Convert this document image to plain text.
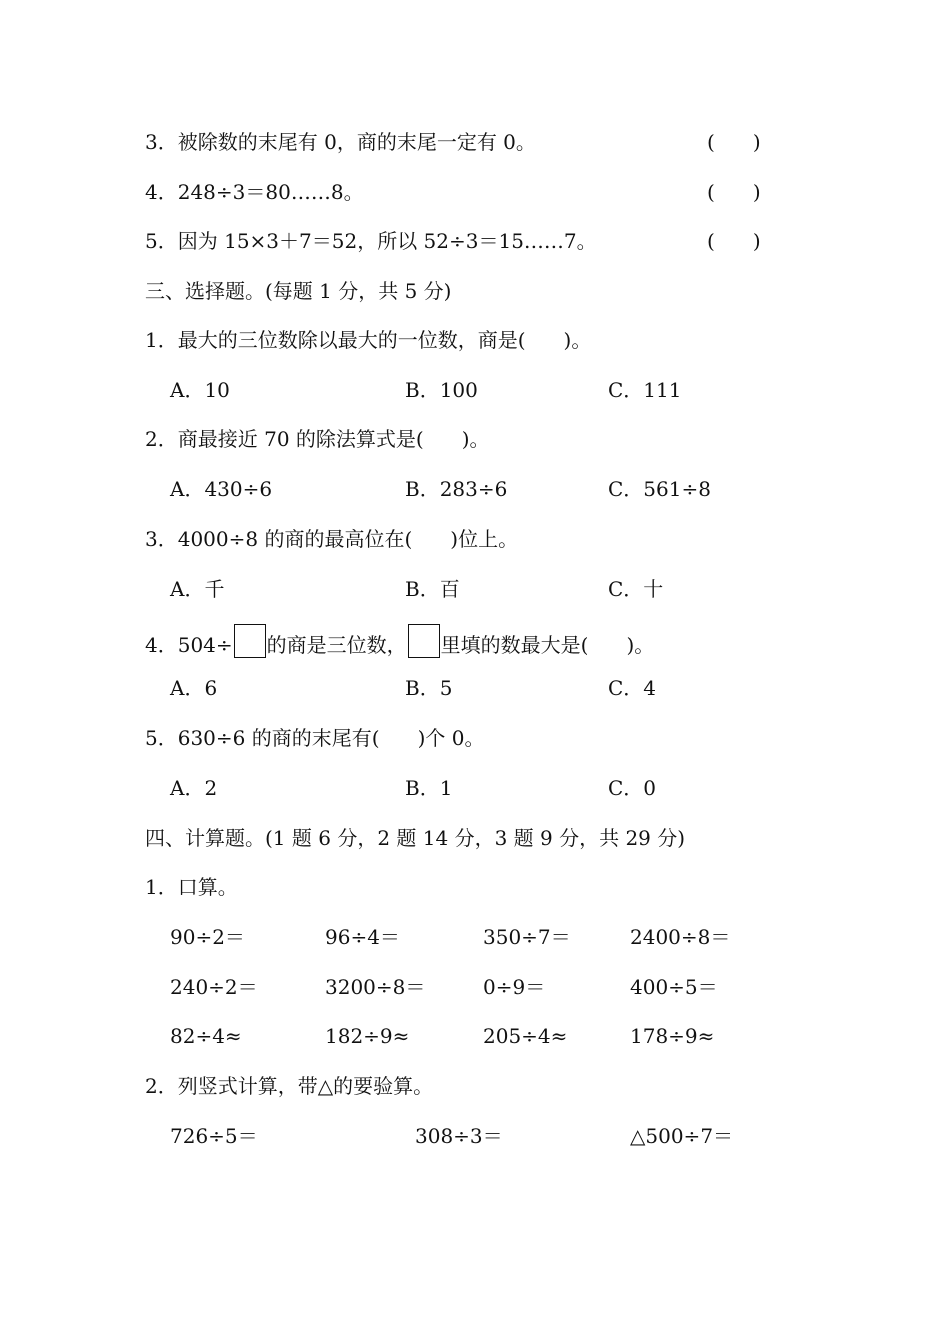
3．被除数的末尾有 0，商的末尾一定有 0。	( )
4．248÷3＝80……8。	( )
5．因为 15×3＋7＝52，所以 52÷3＝15……7。	( )
三、选择题。(每题 1 分，共 5 分)
1．最大的三位数除以最大的一位数，商是( )。
A．10	B．100	C．111
2．商最接近 70 的除法算式是( )。
A．430÷6	B．283÷6	C．561÷8
3．4000÷8 的商的最高位在( )位上。
A．千	B．百	C．十
4．504÷ 的商是三位数， 里填的数最大是( )。
A．6	B．5	C．4
5．630÷6 的商的末尾有( )个 0。
A．2	B．1	C．0
四、计算题。(1 题 6 分，2 题 14 分，3 题 9 分，共 29 分)
1．口算。
90÷2＝	96÷4＝	350÷7＝	2400÷8＝
240÷2＝	3200÷8＝	0÷9＝	400÷5＝
82÷4≈	182÷9≈	205÷4≈	178÷9≈
2．列竖式计算，带△的要验算。
726÷5＝	308÷3＝	△500÷7＝
